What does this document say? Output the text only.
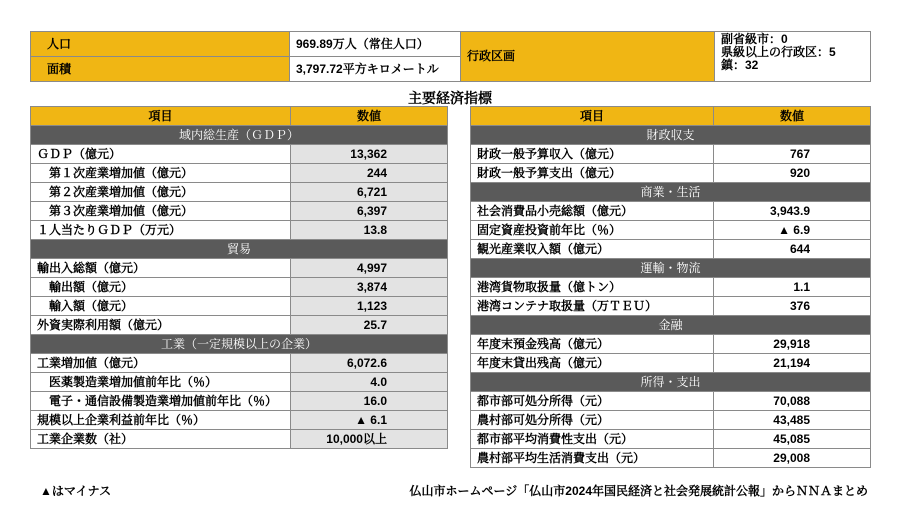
人口	969.89万人（常住人口）	行政区画	副省級市：0
県級以上の行政区：5
鎮：32

面積	3,797.72平方キロメートル		
主要経済指標
項目	数値
域内総生産（ＧＤＰ）	
ＧＤＰ（億元）	13,362
第１次産業増加値（億元）	244
第２次産業増加値（億元）	6,721
第３次産業増加値（億元）	6,397
１人当たりＧＤＰ（万元）	13.8
貿易	
輸出入総額（億元）	4,997
輸出額（億元）	3,874
輸入額（億元）	1,123
外資実際利用額（億元）	25.7
工業（一定規模以上の企業）	
工業増加値（億元）	6,072.6
医薬製造業増加値前年比（％）	4.0
電子・通信設備製造業増加値前年比（％）	16.0
規模以上企業利益前年比（％）	▲ 6.1
工業企業数（社）	10,000以上
項目	数値
財政収支	
財政一般予算収入（億元）	767
財政一般予算支出（億元）	920
商業・生活	
社会消費品小売総額（億元）	3,943.9
固定資産投資前年比（％）	▲ 6.9
観光産業収入額（億元）	644
運輸・物流	
港湾貨物取扱量（億トン）	1.1
港湾コンテナ取扱量（万ＴＥＵ）	376
金融	
年度末預金残高（億元）	29,918
年度末貸出残高（億元）	21,194
所得・支出	
都市部可処分所得（元）	70,088
農村部可処分所得（元）	43,485
都市部平均消費性支出（元）	45,085
農村部平均生活消費支出（元）	29,008
▲はマイナス	仏山市ホームページ「仏山市2024年国民経済と社会発展統計公報」からＮＮＡまとめ
